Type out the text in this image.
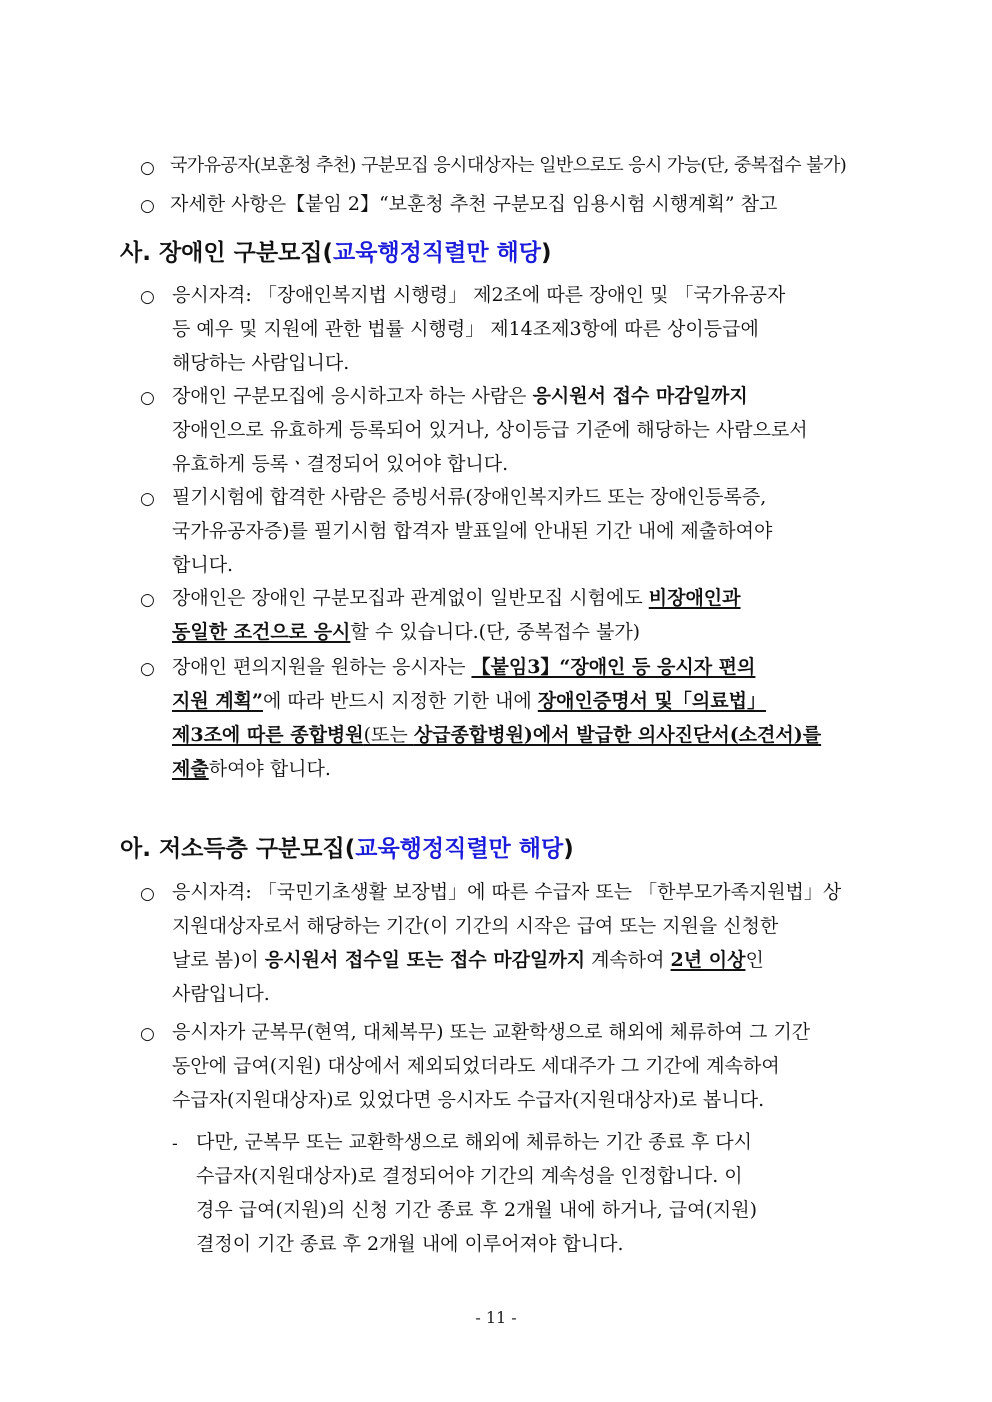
○ 국가유공자(보훈청 추천) 구분모집 응시대상자는 일반으로도 응시 가능(단, 중복접수 불가)
○ 자세한 사항은【붙임 2】“보훈청 추천 구분모집 임용시험 시행계획” 참고
사. 장애인 구분모집(교육행정직렬만 해당)
○ 응시자격: 「장애인복지법 시행령」 제2조에 따른 장애인 및 「국가유공자
등 예우 및 지원에 관한 법률 시행령」 제14조제3항에 따른 상이등급에
해당하는 사람입니다.
○ 장애인 구분모집에 응시하고자 하는 사람은 응시원서 접수 마감일까지
장애인으로 유효하게 등록되어 있거나, 상이등급 기준에 해당하는 사람으로서
유효하게 등록ㆍ결정되어 있어야 합니다.
○ 필기시험에 합격한 사람은 증빙서류(장애인복지카드 또는 장애인등록증,
국가유공자증)를 필기시험 합격자 발표일에 안내된 기간 내에 제출하여야
합니다.
○ 장애인은 장애인 구분모집과 관계없이 일반모집 시험에도 비장애인과
동일한 조건으로 응시할 수 있습니다.(단, 중복접수 불가)
○ 장애인 편의지원을 원하는 응시자는 【붙임3】“장애인 등 응시자 편의
지원 계획”에 따라 반드시 지정한 기한 내에 장애인증명서 및「의료법」
제3조에 따른 종합병원(또는 상급종합병원)에서 발급한 의사진단서(소견서)를
제출하여야 합니다.
아. 저소득층 구분모집(교육행정직렬만 해당)
○ 응시자격: 「국민기초생활 보장법」에 따른 수급자 또는 「한부모가족지원법」상
지원대상자로서 해당하는 기간(이 기간의 시작은 급여 또는 지원을 신청한
날로 봄)이 응시원서 접수일 또는 접수 마감일까지 계속하여 2년 이상인
사람입니다.
○ 응시자가 군복무(현역, 대체복무) 또는 교환학생으로 해외에 체류하여 그 기간
동안에 급여(지원) 대상에서 제외되었더라도 세대주가 그 기간에 계속하여
수급자(지원대상자)로 있었다면 응시자도 수급자(지원대상자)로 봅니다.
- 다만, 군복무 또는 교환학생으로 해외에 체류하는 기간 종료 후 다시
수급자(지원대상자)로 결정되어야 기간의 계속성을 인정합니다. 이
경우 급여(지원)의 신청 기간 종료 후 2개월 내에 하거나, 급여(지원)
결정이 기간 종료 후 2개월 내에 이루어져야 합니다.
- 11 -
